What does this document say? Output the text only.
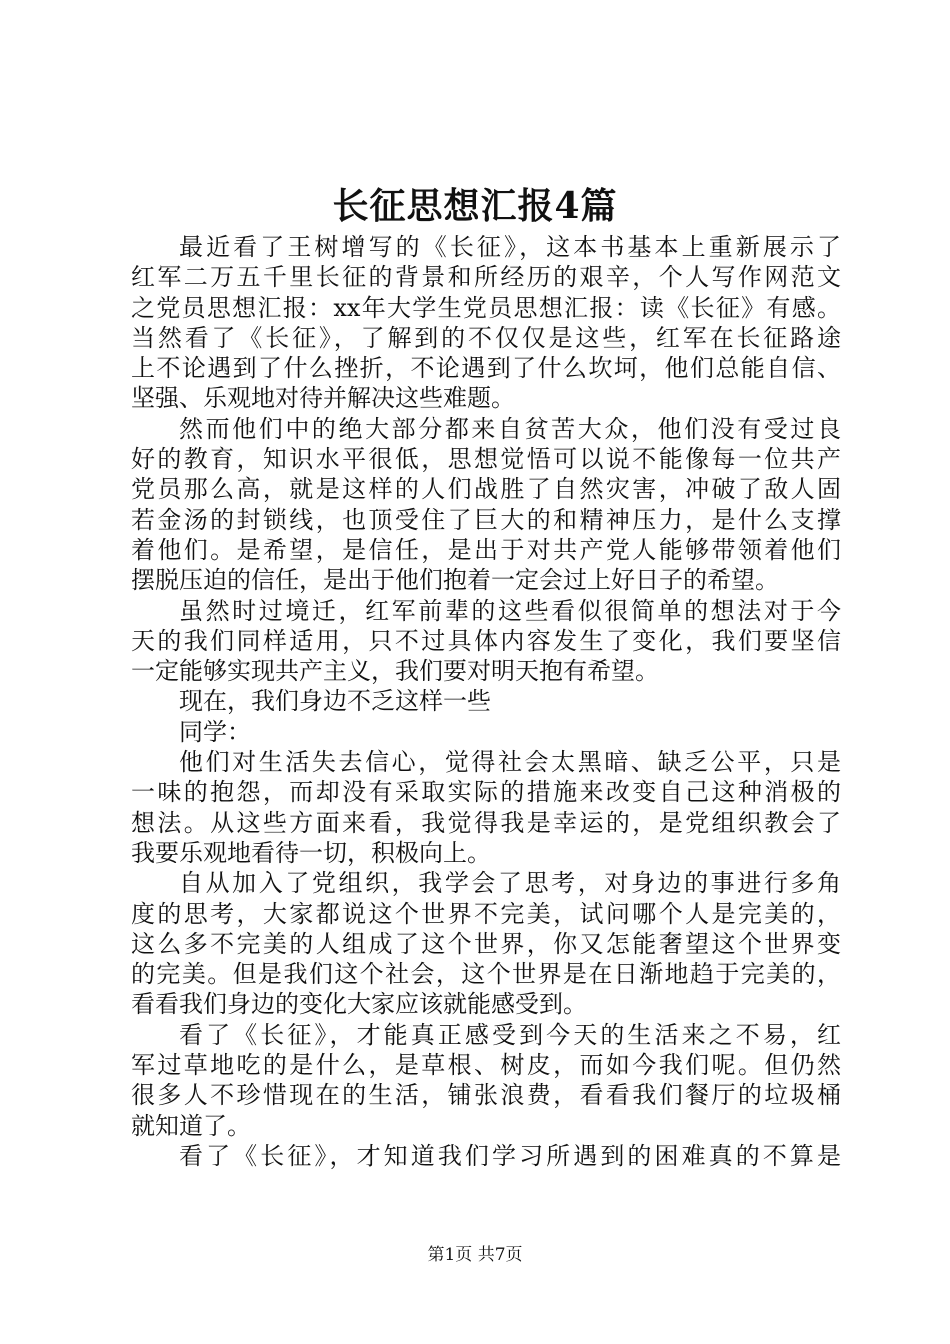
长征思想汇报4篇
最近看了王树增写的《长征》，这本书基本上重新展示了
红军二万五千里长征的背景和所经历的艰辛，个人写作网范文
之党员思想汇报：xx年大学生党员思想汇报：读《长征》有感。
当然看了《长征》，了解到的不仅仅是这些，红军在长征路途
上不论遇到了什么挫折，不论遇到了什么坎坷，他们总能自信、
坚强、乐观地对待并解决这些难题。
然而他们中的绝大部分都来自贫苦大众，他们没有受过良
好的教育，知识水平很低，思想觉悟可以说不能像每一位共产
党员那么高，就是这样的人们战胜了自然灾害，冲破了敌人固
若金汤的封锁线，也顶受住了巨大的和精神压力，是什么支撑
着他们。是希望，是信任，是出于对共产党人能够带领着他们
摆脱压迫的信任，是出于他们抱着一定会过上好日子的希望。
虽然时过境迁，红军前辈的这些看似很简单的想法对于今
天的我们同样适用，只不过具体内容发生了变化，我们要坚信
一定能够实现共产主义，我们要对明天抱有希望。
现在，我们身边不乏这样一些
同学：
他们对生活失去信心，觉得社会太黑暗、缺乏公平，只是
一味的抱怨，而却没有采取实际的措施来改变自己这种消极的
想法。从这些方面来看，我觉得我是幸运的，是党组织教会了
我要乐观地看待一切，积极向上。
自从加入了党组织，我学会了思考，对身边的事进行多角
度的思考，大家都说这个世界不完美，试问哪个人是完美的，
这么多不完美的人组成了这个世界，你又怎能奢望这个世界变
的完美。但是我们这个社会，这个世界是在日渐地趋于完美的，
看看我们身边的变化大家应该就能感受到。
看了《长征》，才能真正感受到今天的生活来之不易，红
军过草地吃的是什么，是草根、树皮，而如今我们呢。但仍然
很多人不珍惜现在的生活，铺张浪费，看看我们餐厅的垃圾桶
就知道了。
看了《长征》，才知道我们学习所遇到的困难真的不算是
第1页 共7页
